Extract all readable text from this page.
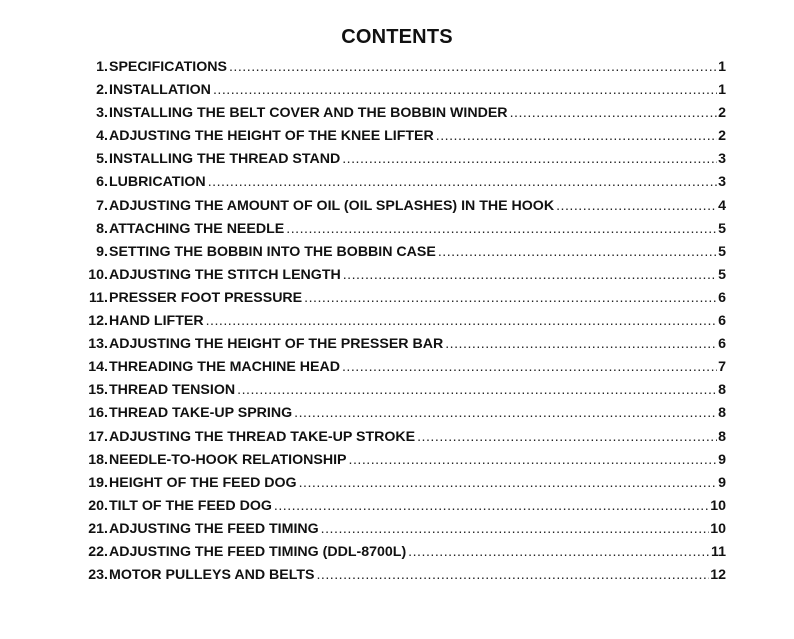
CONTENTS
1. SPECIFICATIONS .....	1
2. INSTALLATION .....	1
3. INSTALLING THE BELT COVER AND THE BOBBIN WINDER .....	2
4. ADJUSTING THE HEIGHT OF THE KNEE LIFTER .....	2
5. INSTALLING THE THREAD STAND .....	3
6. LUBRICATION .....	3
7. ADJUSTING THE AMOUNT OF OIL (OIL SPLASHES) IN THE HOOK .....	4
8. ATTACHING THE NEEDLE .....	5
9. SETTING THE BOBBIN INTO THE BOBBIN CASE .....	5
10. ADJUSTING THE STITCH LENGTH .....	5
11. PRESSER FOOT PRESSURE .....	6
12. HAND LIFTER .....	6
13. ADJUSTING THE HEIGHT OF THE PRESSER BAR .....	6
14. THREADING THE MACHINE HEAD .....	7
15. THREAD TENSION .....	8
16. THREAD TAKE-UP SPRING .....	8
17. ADJUSTING THE THREAD TAKE-UP STROKE .....	8
18. NEEDLE-TO-HOOK RELATIONSHIP .....	9
19. HEIGHT OF THE FEED DOG .....	9
20. TILT OF THE FEED DOG .....	10
21. ADJUSTING THE FEED TIMING .....	10
22. ADJUSTING THE FEED TIMING (DDL-8700L) .....	11
23. MOTOR PULLEYS AND BELTS .....	12
